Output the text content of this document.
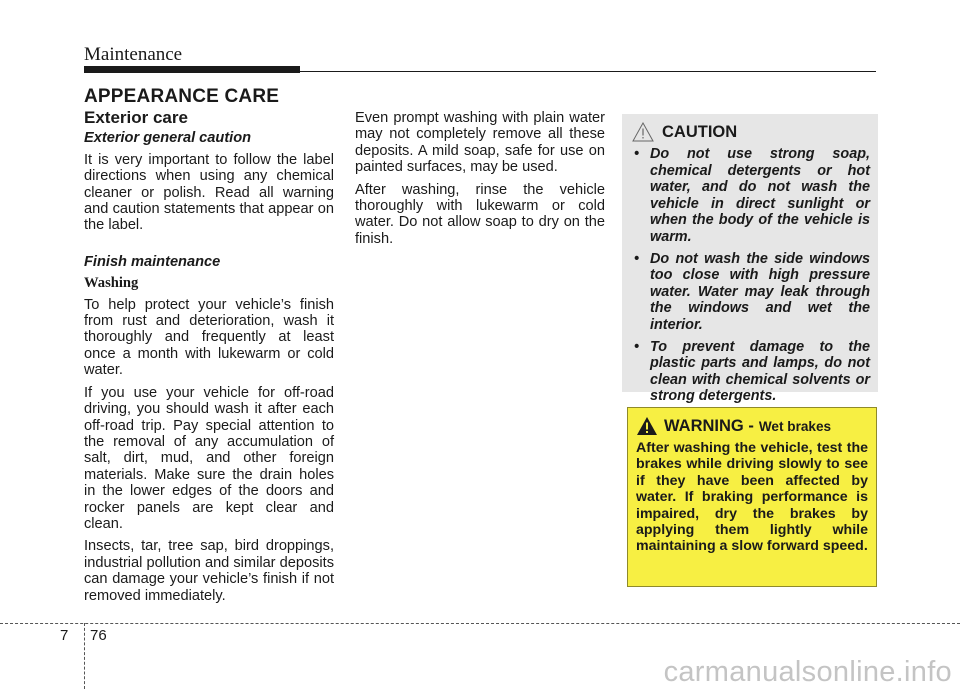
Maintenance
APPEARANCE CARE
Exterior care
Exterior general caution

It is very important to follow the label directions when using any chemical cleaner or polish. Read all warning and caution statements that appear on the label.

Finish maintenance
Washing

To help protect your vehicle’s finish from rust and deterioration, wash it thoroughly and frequently at least once a month with lukewarm or cold water.

If you use your vehicle for off-road driving, you should wash it after each off-road trip. Pay special attention to the removal of any accumulation of salt, dirt, mud, and other foreign materials. Make sure the drain holes in the lower edges of the doors and rocker panels are kept clear and clean.

Insects, tar, tree sap, bird droppings, industrial pollution and similar deposits can damage your vehicle’s finish if not removed immediately.

Even prompt washing with plain water may not completely remove all these deposits. A mild soap, safe for use on painted surfaces, may be used.

After washing, rinse the vehicle thoroughly with lukewarm or cold water. Do not allow soap to dry on the finish.

CAUTION
• Do not use strong soap, chemical detergents or hot water, and do not wash the vehicle in direct sunlight or when the body of the vehicle is warm.
• Do not wash the side windows too close with high pressure water. Water may leak through the windows and wet the interior.
• To prevent damage to the plastic parts and lamps, do not clean with chemical solvents or strong detergents.
WARNING - Wet brakes

After washing the vehicle, test the brakes while driving slowly to see if they have been affected by water. If braking performance is impaired, dry the brakes by applying them lightly while maintaining a slow forward speed.

7 76
carmanualsonline.info
